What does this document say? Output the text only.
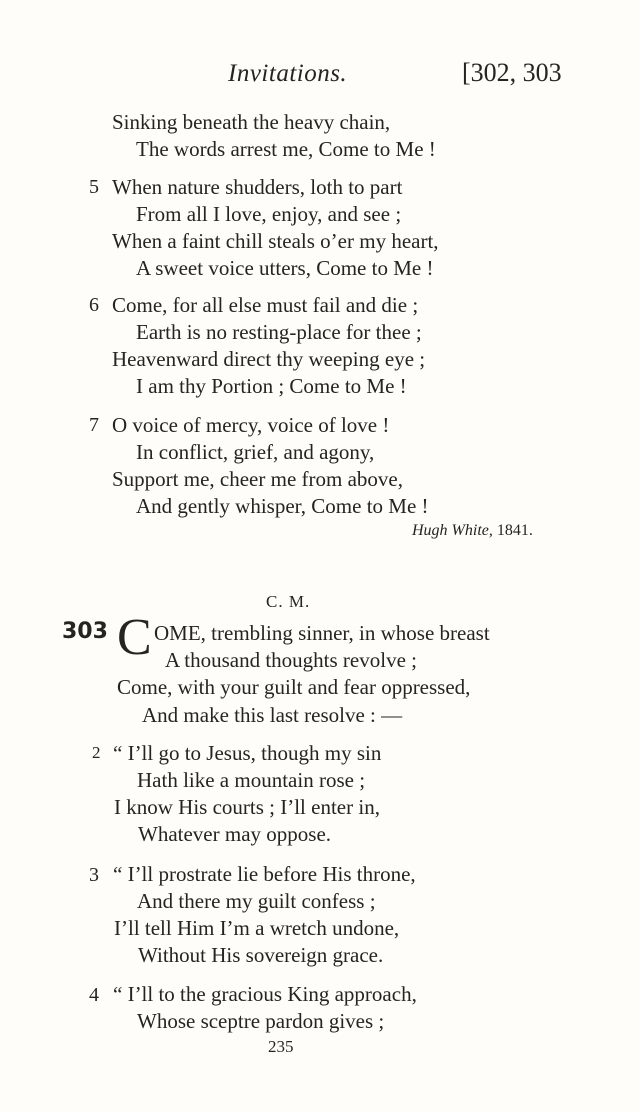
Invitations.	[302, 303
Sinking beneath the heavy chain,
The words arrest me, Come to Me !
5 When nature shudders, loth to part
From all I love, enjoy, and see ;
When a faint chill steals o’er my heart,
A sweet voice utters, Come to Me !
6 Come, for all else must fail and die ;
Earth is no resting-place for thee ;
Heavenward direct thy weeping eye ;
I am thy Portion ; Come to Me !
7 O voice of mercy, voice of love !
In conflict, grief, and agony,
Support me, cheer me from above,
And gently whisper, Come to Me !
Hugh White, 1841.
C. M.
303 C OME, trembling sinner, in whose breast
A thousand thoughts revolve ;
Come, with your guilt and fear oppressed,
And make this last resolve : —
2 “ I’ll go to Jesus, though my sin
Hath like a mountain rose ;
I know His courts ; I’ll enter in,
Whatever may oppose.
3 “ I’ll prostrate lie before His throne,
And there my guilt confess ;
I’ll tell Him I’m a wretch undone,
Without His sovereign grace.
4 “ I’ll to the gracious King approach,
Whose sceptre pardon gives ;
235
